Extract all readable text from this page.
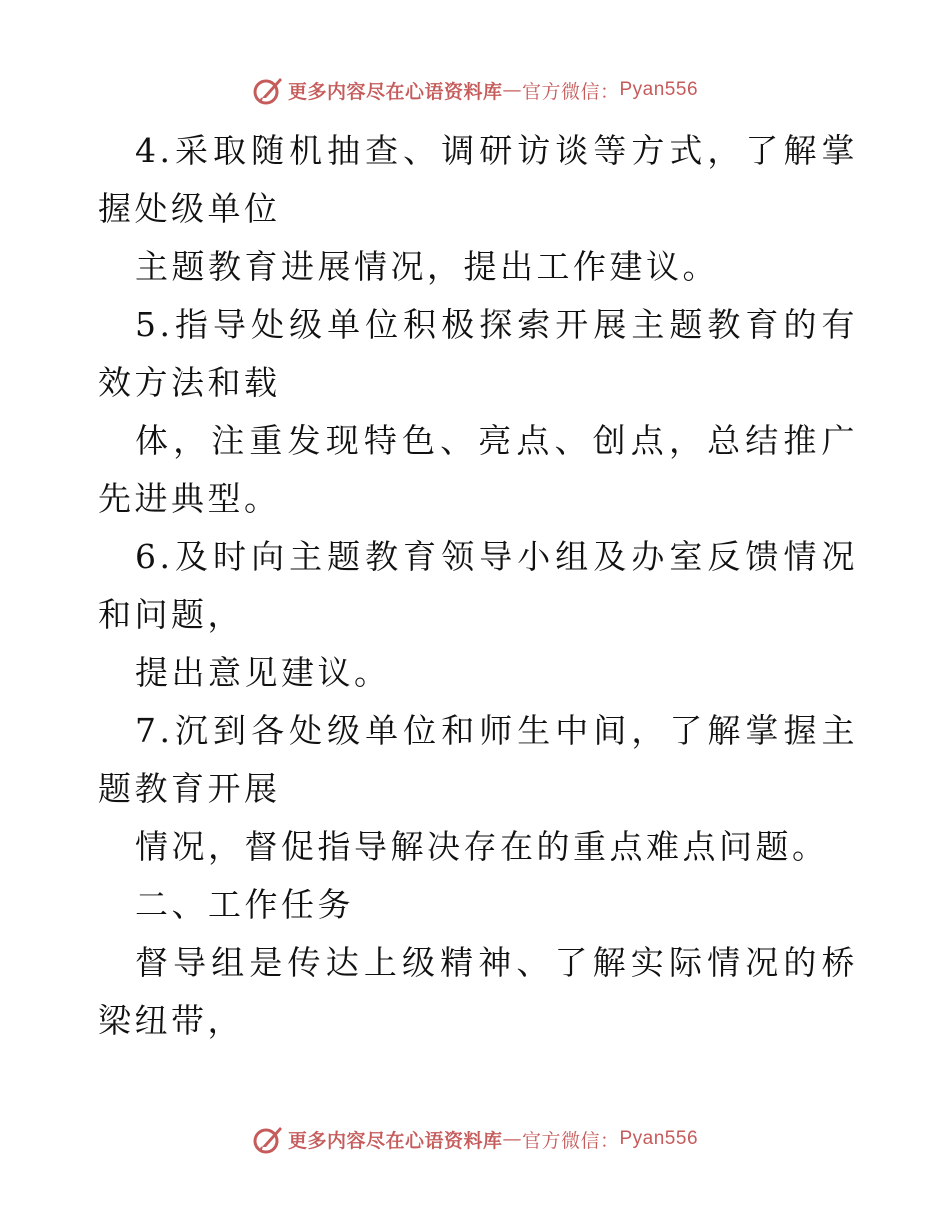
更多内容尽在心语资料库 — 官方微信： Pyan556

4.采取随机抽查、调研访谈等方式，了解掌握处级单位

主题教育进展情况，提出工作建议。

5.指导处级单位积极探索开展主题教育的有效方法和载

体，注重发现特色、亮点、创点，总结推广先进典型。

6.及时向主题教育领导小组及办室反馈情况和问题，

提出意见建议。

7.沉到各处级单位和师生中间，了解掌握主题教育开展

情况，督促指导解决存在的重点难点问题。

二、工作任务

督导组是传达上级精神、了解实际情况的桥梁纽带，

更多内容尽在心语资料库 — 官方微信： Pyan556
